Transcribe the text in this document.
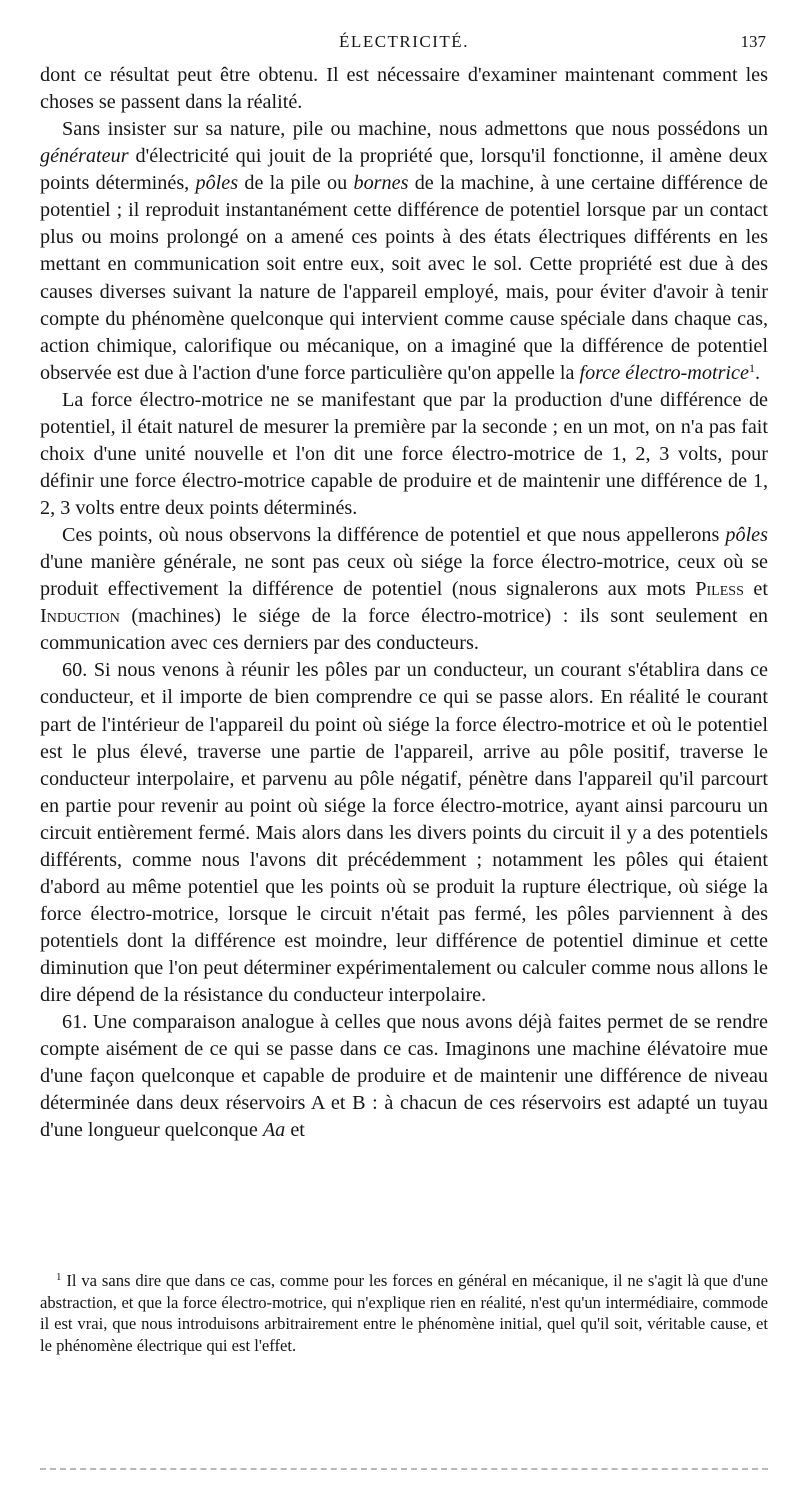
ÉLECTRICITÉ.	137

dont ce résultat peut être obtenu. Il est nécessaire d'examiner maintenant comment les choses se passent dans la réalité.

Sans insister sur sa nature, pile ou machine, nous admettons que nous possédons un générateur d'électricité qui jouit de la propriété que, lorsqu'il fonctionne, il amène deux points déterminés, pôles de la pile ou bornes de la machine, à une certaine différence de potentiel ; il reproduit instantanément cette différence de potentiel lorsque par un contact plus ou moins prolongé on a amené ces points à des états électriques différents en les mettant en communication soit entre eux, soit avec le sol. Cette propriété est due à des causes diverses suivant la nature de l'appareil employé, mais, pour éviter d'avoir à tenir compte du phénomène quelconque qui intervient comme cause spéciale dans chaque cas, action chimique, calorifique ou mécanique, on a imaginé que la différence de potentiel observée est due à l'action d'une force particulière qu'on appelle la force électro-motrice$^1$.

La force électro-motrice ne se manifestant que par la production d'une différence de potentiel, il était naturel de mesurer la première par la seconde ; en un mot, on n'a pas fait choix d'une unité nouvelle et l'on dit une force électro-motrice de 1, 2, 3 volts, pour définir une force électro-motrice capable de produire et de maintenir une différence de 1, 2, 3 volts entre deux points déterminés.

Ces points, où nous observons la différence de potentiel et que nous appellerons pôles d'une manière générale, ne sont pas ceux où siége la force électro-motrice, ceux où se produit effectivement la différence de potentiel (nous signalerons aux mots Piless et Induction (machines) le siége de la force électro-motrice) : ils sont seulement en communication avec ces derniers par des conducteurs.

60. Si nous venons à réunir les pôles par un conducteur, un courant s'établira dans ce conducteur, et il importe de bien comprendre ce qui se passe alors. En réalité le courant part de l'intérieur de l'appareil du point où siége la force électro-motrice et où le potentiel est le plus élevé, traverse une partie de l'appareil, arrive au pôle positif, traverse le conducteur interpolaire, et parvenu au pôle négatif, pénètre dans l'appareil qu'il parcourt en partie pour revenir au point où siége la force électro-motrice, ayant ainsi parcouru un circuit entièrement fermé. Mais alors dans les divers points du circuit il y a des potentiels différents, comme nous l'avons dit précédemment ; notamment les pôles qui étaient d'abord au même potentiel que les points où se produit la rupture électrique, où siége la force électro-motrice, lorsque le circuit n'était pas fermé, les pôles parviennent à des potentiels dont la différence est moindre, leur différence de potentiel diminue et cette diminution que l'on peut déterminer expérimentalement ou calculer comme nous allons le dire dépend de la résistance du conducteur interpolaire.

61. Une comparaison analogue à celles que nous avons déjà faites permet de se rendre compte aisément de ce qui se passe dans ce cas. Imaginons une machine élévatoire mue d'une façon quelconque et capable de produire et de maintenir une différence de niveau déterminée dans deux réservoirs A et B : à chacun de ces réservoirs est adapté un tuyau d'une longueur quelconque Aa et

$^1$ Il va sans dire que dans ce cas, comme pour les forces en général en mécanique, il ne s'agit là que d'une abstraction, et que la force électro-motrice, qui n'explique rien en réalité, n'est qu'un intermédiaire, commode il est vrai, que nous introduisons arbitrairement entre le phénomène initial, quel qu'il soit, véritable cause, et le phénomène électrique qui est l'effet.
